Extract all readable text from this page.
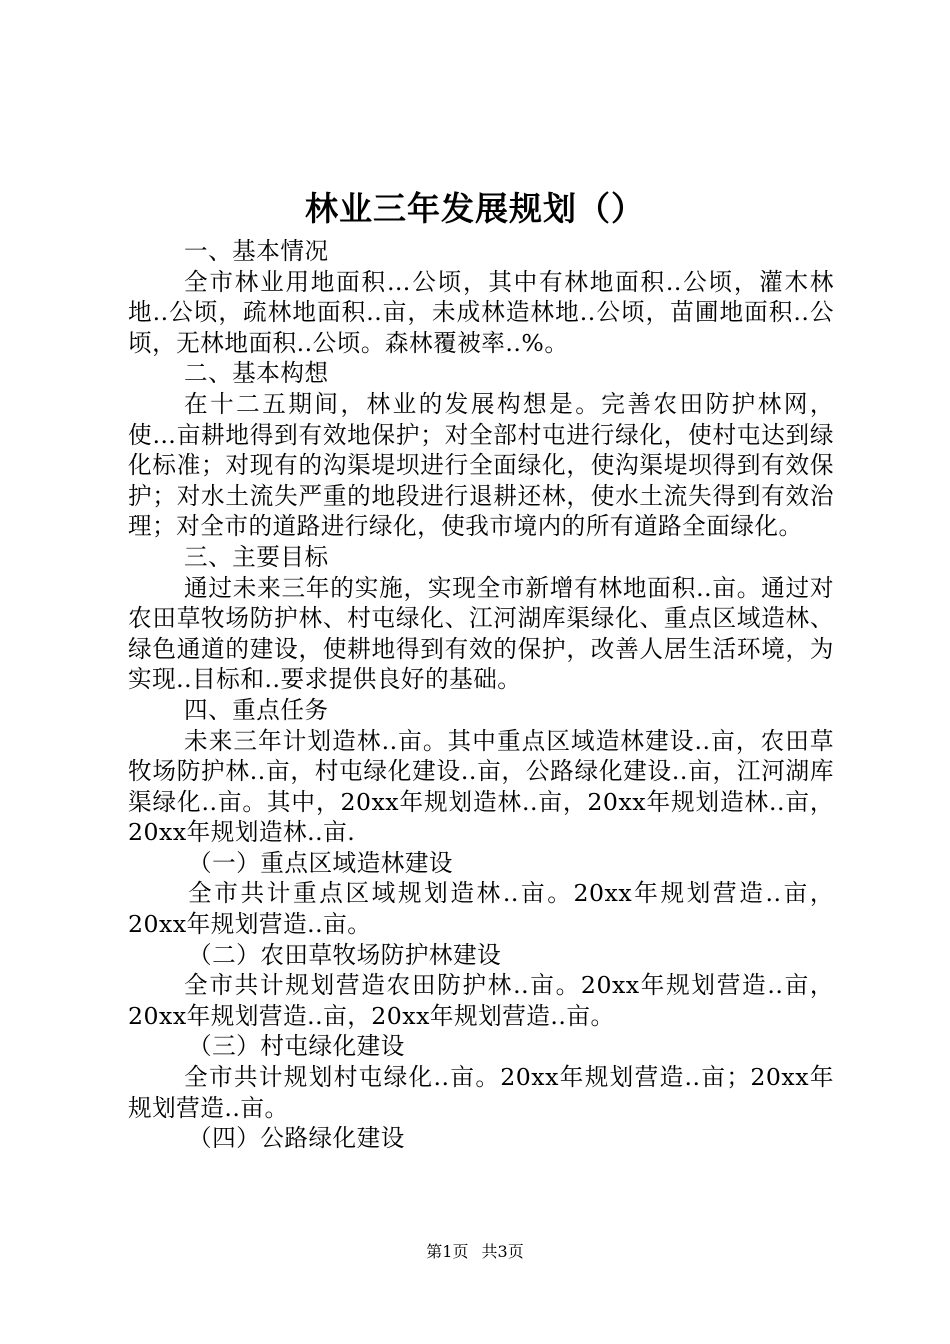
林业三年发展规划（）

一、基本情况

全市林业用地面积…公顷，其中有林地面积..公顷，灌木林地..公顷，疏林地面积..亩，未成林造林地..公顷，苗圃地面积..公顷，无林地面积..公顷。森林覆被率..%。

二、基本构想

在十二五期间，林业的发展构想是。完善农田防护林网，使…亩耕地得到有效地保护；对全部村屯进行绿化，使村屯达到绿化标准；对现有的沟渠堤坝进行全面绿化，使沟渠堤坝得到有效保护；对水土流失严重的地段进行退耕还林，使水土流失得到有效治理；对全市的道路进行绿化，使我市境内的所有道路全面绿化。

三、主要目标

通过未来三年的实施，实现全市新增有林地面积..亩。通过对农田草牧场防护林、村屯绿化、江河湖库渠绿化、重点区域造林、绿色通道的建设，使耕地得到有效的保护，改善人居生活环境，为实现..目标和..要求提供良好的基础。

四、重点任务

未来三年计划造林..亩。其中重点区域造林建设..亩，农田草牧场防护林..亩，村屯绿化建设..亩，公路绿化建设..亩，江河湖库渠绿化..亩。其中，20xx年规划造林..亩，20xx年规划造林..亩，20xx年规划造林..亩.

（一）重点区域造林建设

全市共计重点区域规划造林..亩。20xx年规划营造..亩，20xx年规划营造..亩。

（二）农田草牧场防护林建设

全市共计规划营造农田防护林..亩。20xx年规划营造..亩，20xx年规划营造..亩，20xx年规划营造..亩。

（三）村屯绿化建设

全市共计规划村屯绿化..亩。20xx年规划营造..亩；20xx年规划营造..亩。

（四）公路绿化建设

第1页 共3页
